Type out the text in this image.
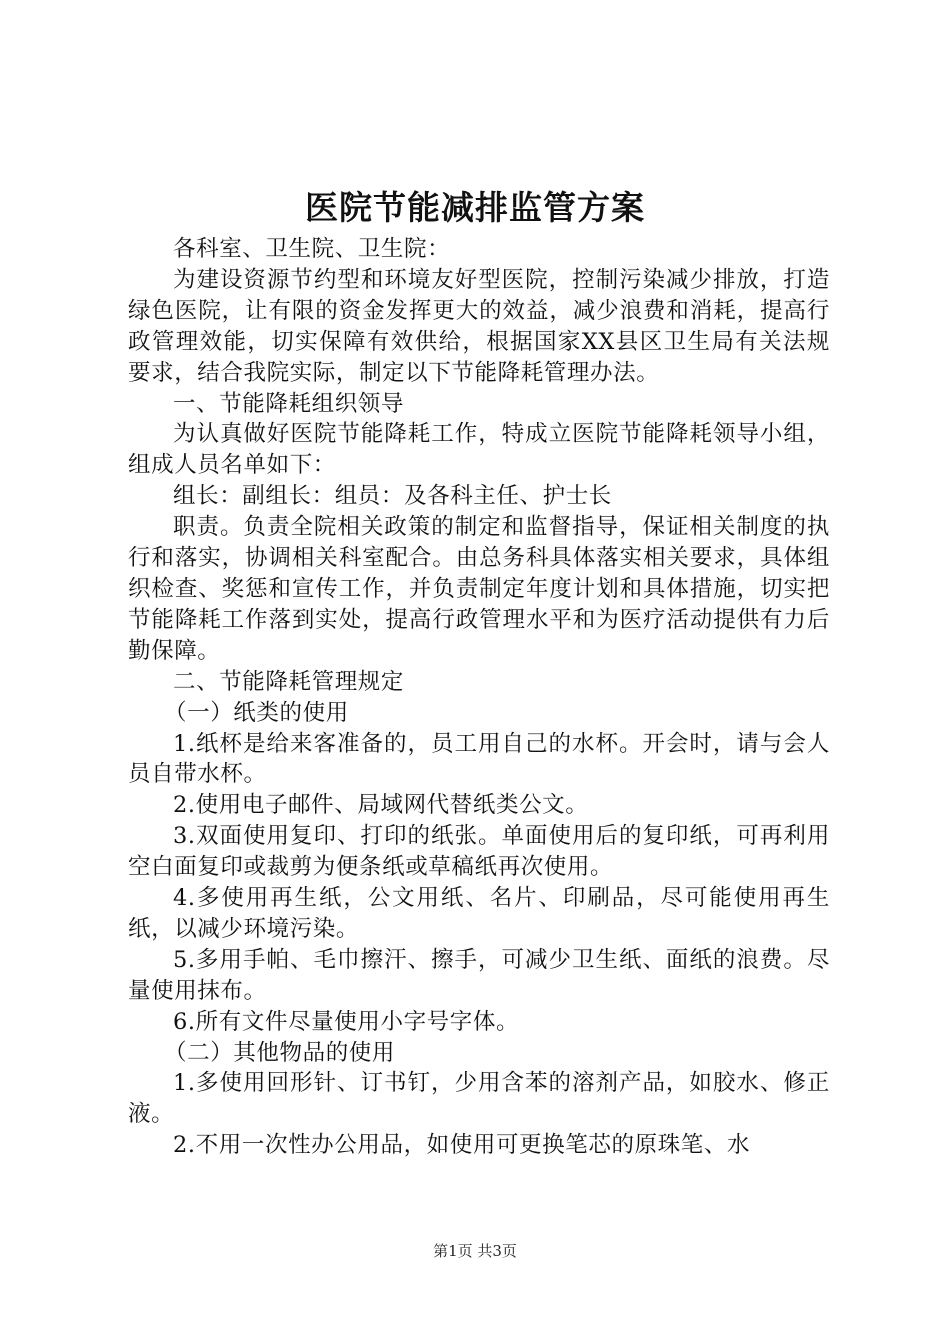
医院节能减排监管方案

各科室、卫生院、卫生院：

为建设资源节约型和环境友好型医院，控制污染减少排放，打造绿色医院，让有限的资金发挥更大的效益，减少浪费和消耗，提高行政管理效能，切实保障有效供给，根据国家XX县区卫生局有关法规要求，结合我院实际，制定以下节能降耗管理办法。

一、节能降耗组织领导

为认真做好医院节能降耗工作，特成立医院节能降耗领导小组，组成人员名单如下：

组长：副组长：组员：及各科主任、护士长

职责。负责全院相关政策的制定和监督指导，保证相关制度的执行和落实，协调相关科室配合。由总务科具体落实相关要求，具体组织检查、奖惩和宣传工作，并负责制定年度计划和具体措施，切实把节能降耗工作落到实处，提高行政管理水平和为医疗活动提供有力后勤保障。

二、节能降耗管理规定

（一）纸类的使用

1.纸杯是给来客准备的，员工用自己的水杯。开会时，请与会人员自带水杯。

2.使用电子邮件、局域网代替纸类公文。

3.双面使用复印、打印的纸张。单面使用后的复印纸，可再利用空白面复印或裁剪为便条纸或草稿纸再次使用。

4.多使用再生纸，公文用纸、名片、印刷品，尽可能使用再生纸，以减少环境污染。

5.多用手帕、毛巾擦汗、擦手，可减少卫生纸、面纸的浪费。尽量使用抹布。

6.所有文件尽量使用小字号字体。

（二）其他物品的使用

1.多使用回形针、订书钉，少用含苯的溶剂产品，如胶水、修正液。

2.不用一次性办公用品，如使用可更换笔芯的原珠笔、水

第1页 共3页
